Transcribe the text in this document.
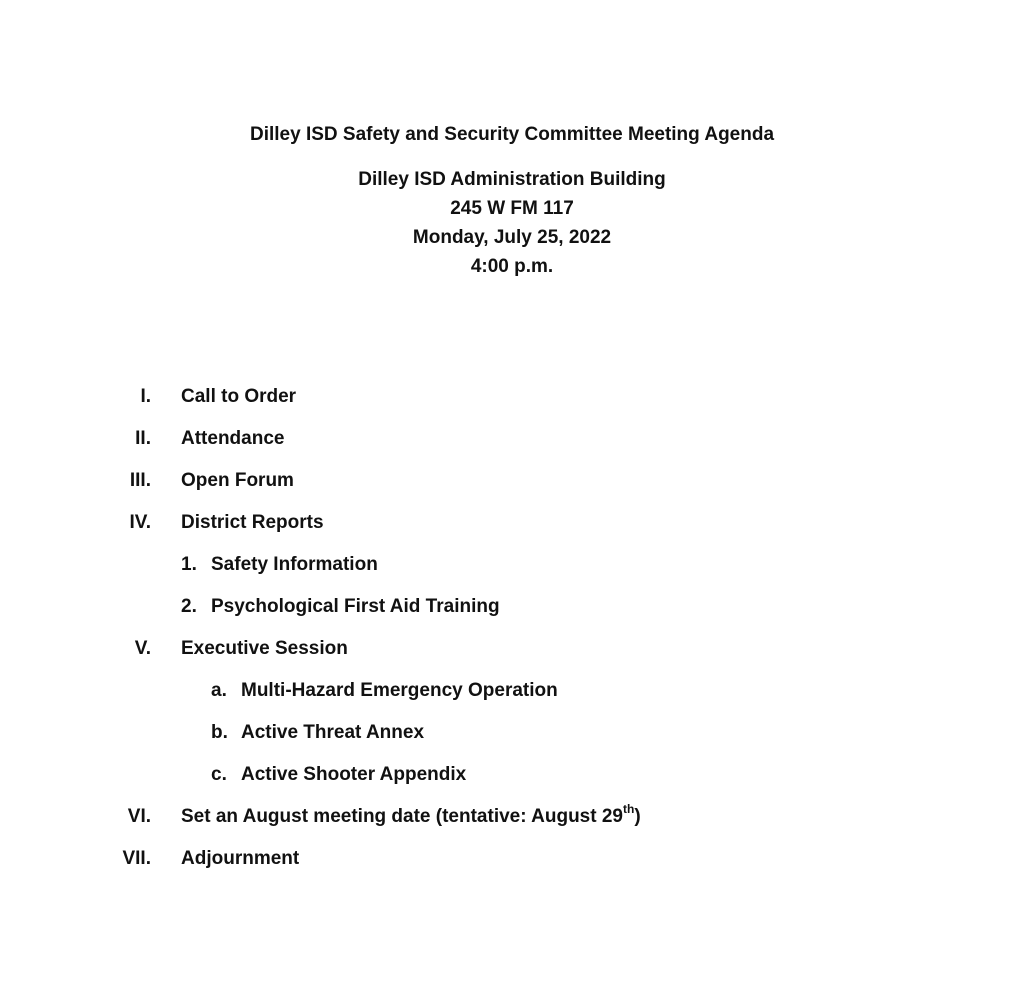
Dilley ISD Safety and Security Committee Meeting Agenda
Dilley ISD Administration Building
245 W FM 117
Monday, July 25, 2022
4:00 p.m.
I. Call to Order
II. Attendance
III. Open Forum
IV. District Reports
1. Safety Information
2. Psychological First Aid Training
V. Executive Session
a. Multi-Hazard Emergency Operation
b. Active Threat Annex
c. Active Shooter Appendix
VI. Set an August meeting date (tentative: August 29th)
VII. Adjournment
